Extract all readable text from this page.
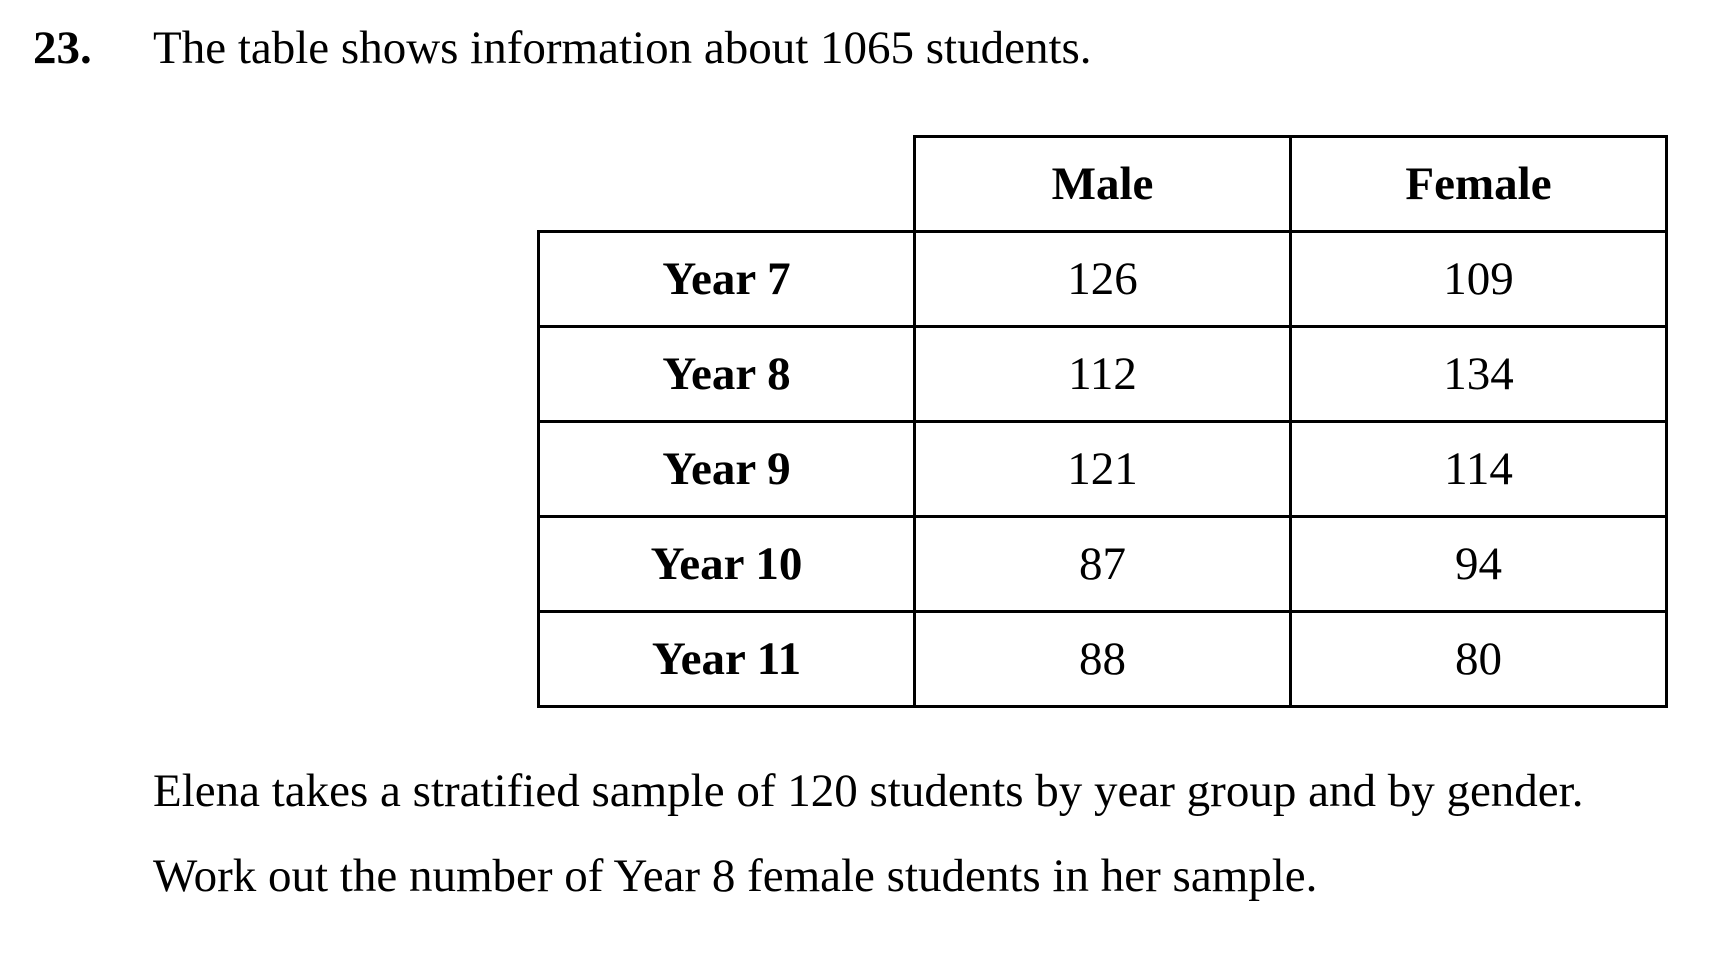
23. The table shows information about 1065 students.
	Male	Female
Year 7	126	109
Year 8	112	134
Year 9	121	114
Year 10	87	94
Year 11	88	80
Elena takes a stratified sample of 120 students by year group and by gender.
Work out the number of Year 8 female students in her sample.
